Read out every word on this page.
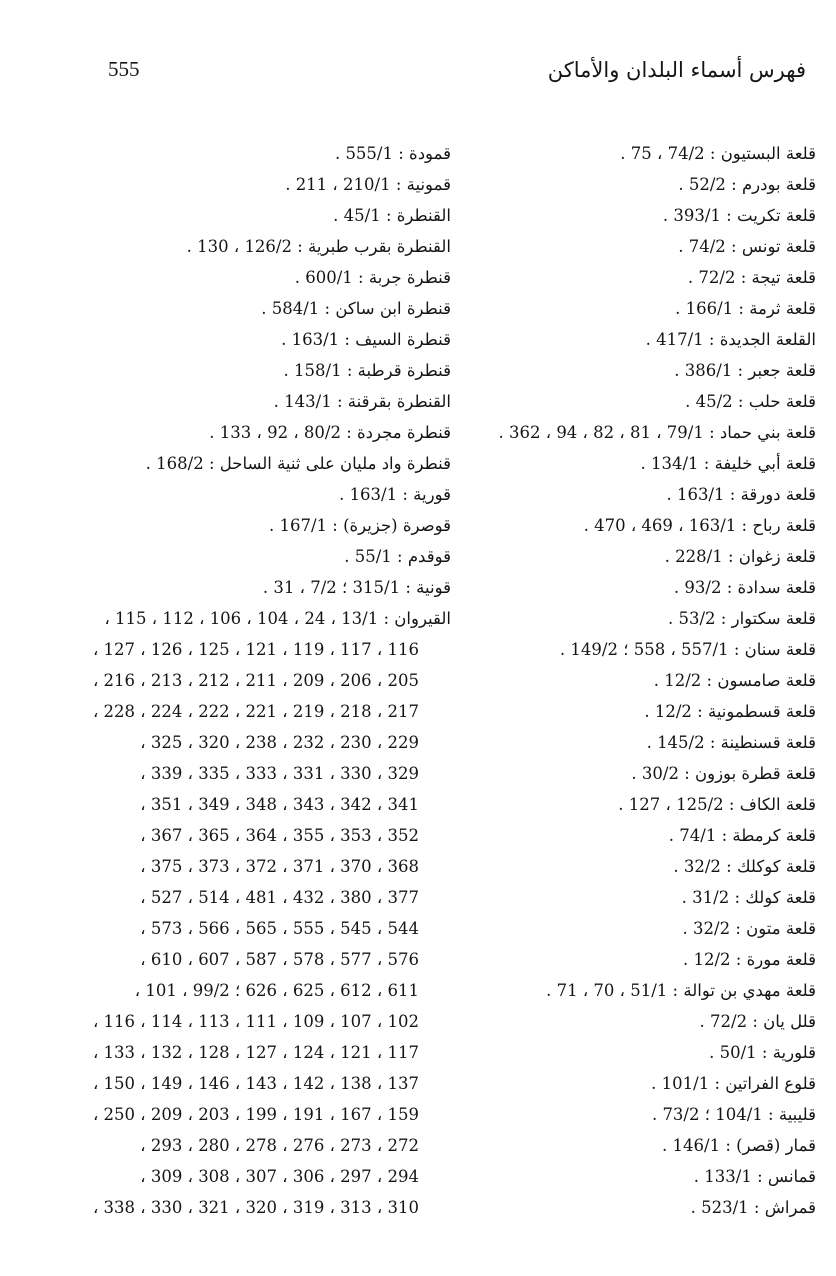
555	فهرس أسماء البلدان والأماكن
قلعة البستيون : 74/2 ، 75 .
قلعة بودرم : 52/2 .
قلعة تكريت : 393/1 .
قلعة تونس : 74/2 .
قلعة تيجة : 72/2 .
قلعة ثرمة : 166/1 .
القلعة الجديدة : 417/1 .
قلعة جعبر : 386/1 .
قلعة حلب : 45/2 .
قلعة بني حماد : 79/1 ، 81 ، 82 ، 94 ، 362 .
قلعة أبي خليفة : 134/1 .
قلعة دورقة : 163/1 .
قلعة رباح : 163/1 ، 469 ، 470 .
قلعة زغوان : 228/1 .
قلعة سدادة : 93/2 .
قلعة سكتوار : 53/2 .
قلعة سنان : 557/1 ، 558 ؛ 149/2 .
قلعة صامسون : 12/2 .
قلعة قسطمونية : 12/2 .
قلعة قسنطينة : 145/2 .
قلعة قطرة بوزون : 30/2 .
قلعة الكاف : 125/2 ، 127 .
قلعة كرمطة : 74/1 .
قلعة كوكلك : 32/2 .
قلعة كولك : 31/2 .
قلعة متون : 32/2 .
قلعة مورة : 12/2 .
قلعة مهدي بن توالة : 51/1 ، 70 ، 71 .
قلل يان : 72/2 .
قلورية : 50/1 .
قلوع الفراتين : 101/1 .
قليبية : 104/1 ؛ 73/2 .
قمار (قصر) : 146/1 .
قمانس : 133/1 .
قمراش : 523/1 .
قمودة : 555/1 .
قمونية : 210/1 ، 211 .
القنطرة : 45/1 .
القنطرة بقرب طبرية : 126/2 ، 130 .
قنطرة جربة : 600/1 .
قنطرة ابن ساكن : 584/1 .
قنطرة السيف : 163/1 .
قنطرة قرطبة : 158/1 .
القنطرة بقرقنة : 143/1 .
قنطرة مجردة : 80/2 ، 92 ، 133 .
قنطرة واد مليان على ثنية الساحل : 168/2 .
قورية : 163/1 .
قوصرة (جزيرة) : 167/1 .
قوقدم : 55/1 .
قونية : 315/1 ؛ 7/2 ، 31 .
القيروان : 13/1 ، 24 ، 104 ، 106 ، 112 ، 115 ،
116 ، 117 ، 119 ، 121 ، 125 ، 126 ، 127 ،
205 ، 206 ، 209 ، 211 ، 212 ، 213 ، 216 ،
217 ، 218 ، 219 ، 221 ، 222 ، 224 ، 228 ،
229 ، 230 ، 232 ، 238 ، 320 ، 325 ،
329 ، 330 ، 331 ، 333 ، 335 ، 339 ،
341 ، 342 ، 343 ، 348 ، 349 ، 351 ،
352 ، 353 ، 355 ، 364 ، 365 ، 367 ،
368 ، 370 ، 371 ، 372 ، 373 ، 375 ،
377 ، 380 ، 432 ، 481 ، 514 ، 527 ،
544 ، 545 ، 555 ، 565 ، 566 ، 573 ،
576 ، 577 ، 578 ، 587 ، 607 ، 610 ،
611 ، 612 ، 625 ، 626 ؛ 99/2 ، 101 ،
102 ، 107 ، 109 ، 111 ، 113 ، 114 ، 116 ،
117 ، 121 ، 124 ، 127 ، 128 ، 132 ، 133 ،
137 ، 138 ، 142 ، 143 ، 146 ، 149 ، 150 ،
159 ، 167 ، 191 ، 199 ، 203 ، 209 ، 250 ،
272 ، 273 ، 276 ، 278 ، 280 ، 293 ،
294 ، 297 ، 306 ، 307 ، 308 ، 309 ،
310 ، 313 ، 319 ، 320 ، 321 ، 330 ، 338 ،
